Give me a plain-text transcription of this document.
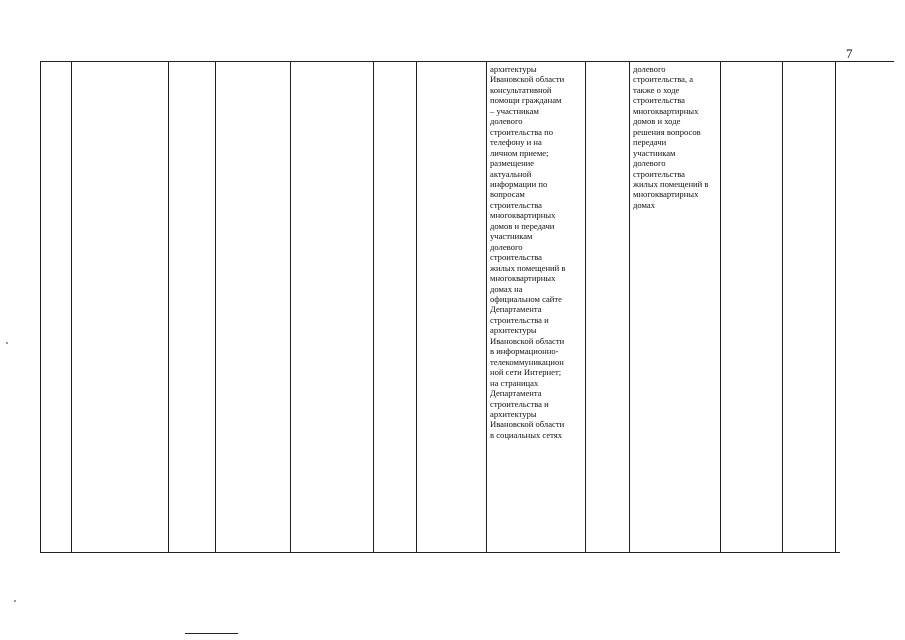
7
архитектуры
Ивановской области
консультативной
помощи гражданам
– участникам
долевого
строительства по
телефону и на
личном приеме;
размещение
актуальной
информации по
вопросам
строительства
многоквартирных
домов и передачи
участникам
долевого
строительства
жилых помещений в
многоквартирных
домах на
официальном сайте
Департамента
строительства и
архитектуры
Ивановской области
в информационно-
телекоммуникацион
ной сети Интернет;
на страницах
Департамента
строительства и
архитектуры
Ивановской области
в социальных сетях
долевого
строительства, а
также о ходе
строительства
многоквартирных
домов и ходе
решения вопросов
передачи
участникам
долевого
строительства
жилых помещений в
многоквартирных
домах
